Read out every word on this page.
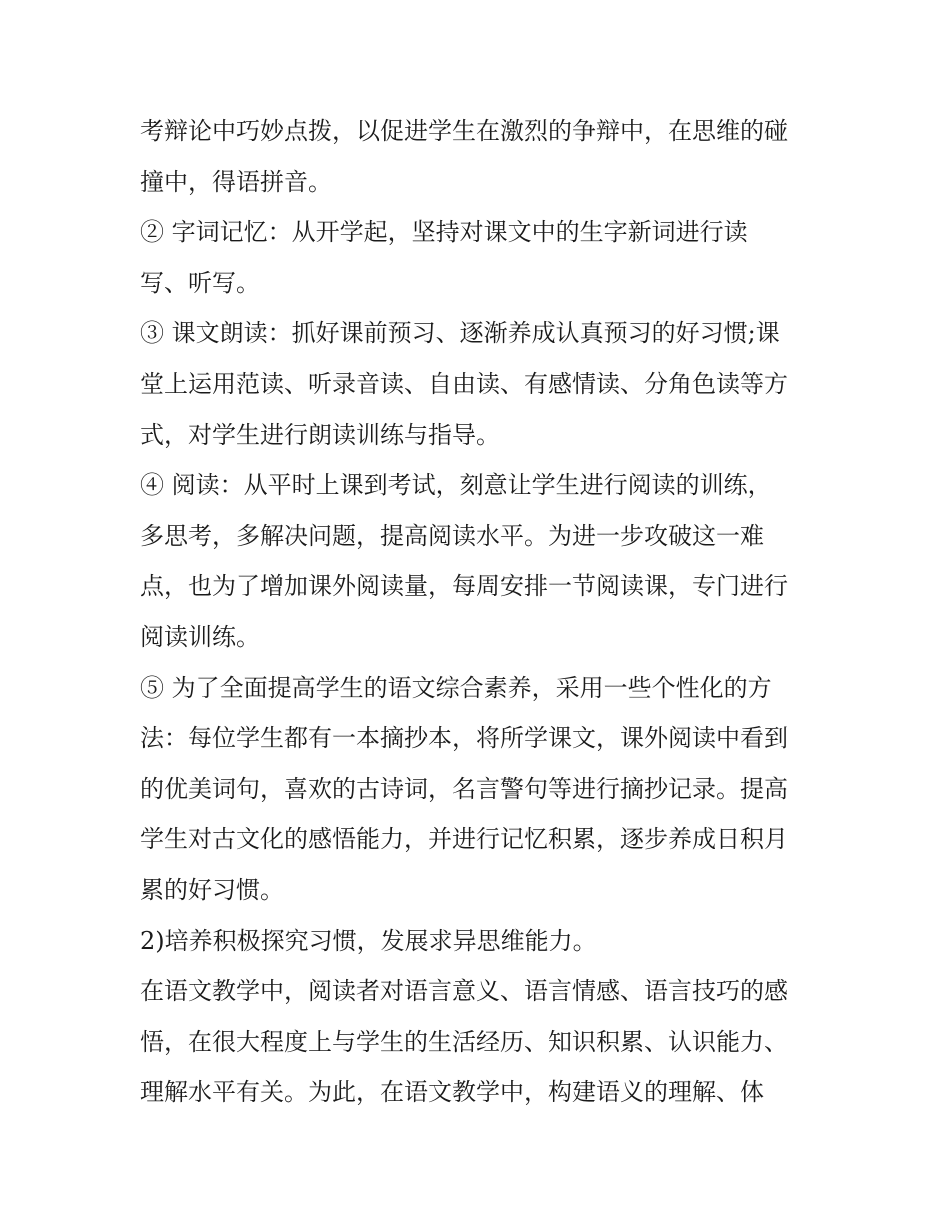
考辩论中巧妙点拨，以促进学生在激烈的争辩中，在思维的碰
撞中，得语拼音。
② 字词记忆：从开学起，坚持对课文中的生字新词进行读
写、听写。
③ 课文朗读：抓好课前预习、逐渐养成认真预习的好习惯;课
堂上运用范读、听录音读、自由读、有感情读、分角色读等方
式，对学生进行朗读训练与指导。
④ 阅读：从平时上课到考试，刻意让学生进行阅读的训练，
多思考，多解决问题，提高阅读水平。为进一步攻破这一难
点，也为了增加课外阅读量，每周安排一节阅读课，专门进行
阅读训练。
⑤ 为了全面提高学生的语文综合素养，采用一些个性化的方
法：每位学生都有一本摘抄本，将所学课文，课外阅读中看到
的优美词句，喜欢的古诗词，名言警句等进行摘抄记录。提高
学生对古文化的感悟能力，并进行记忆积累，逐步养成日积月
累的好习惯。
2)培养积极探究习惯，发展求异思维能力。
在语文教学中，阅读者对语言意义、语言情感、语言技巧的感
悟，在很大程度上与学生的生活经历、知识积累、认识能力、
理解水平有关。为此，在语文教学中，构建语义的理解、体
